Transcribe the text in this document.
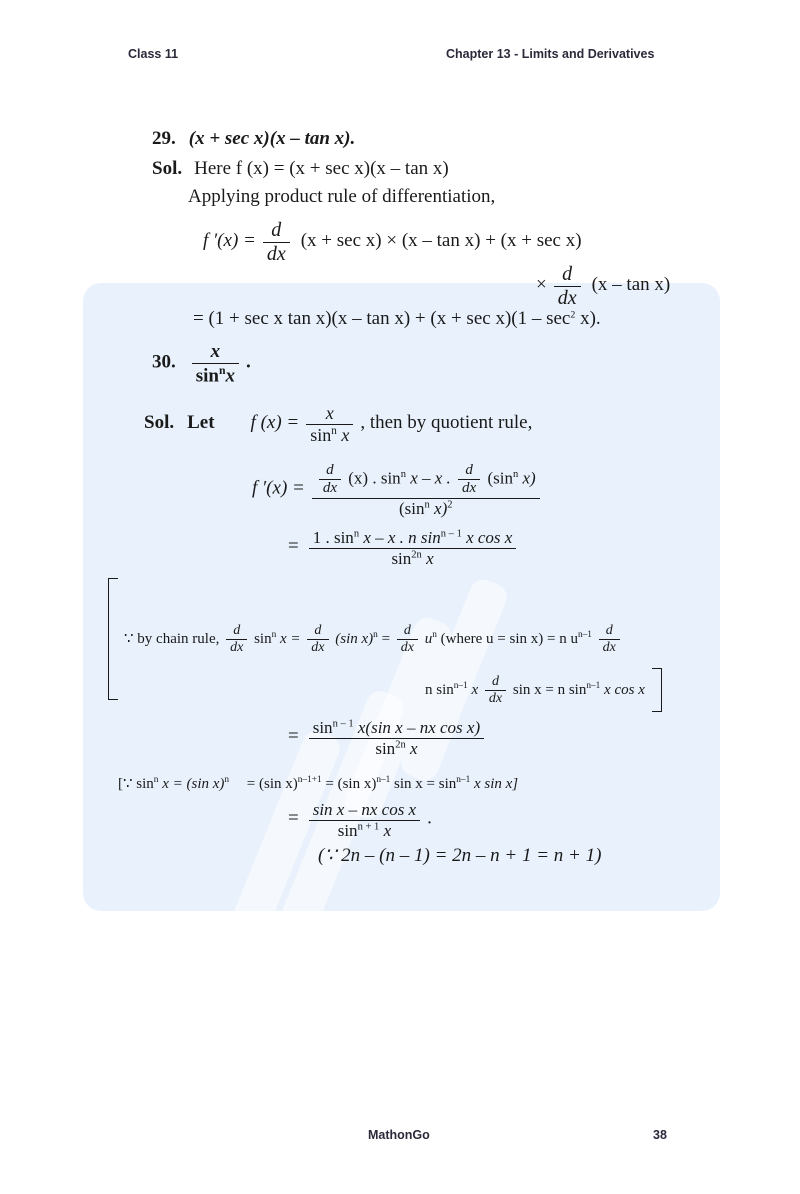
Class 11	Chapter 13 - Limits and Derivatives
29. (x + sec x)(x – tan x).
Sol. Here f (x) = (x + sec x)(x – tan x)
Applying product rule of differentiation,
f $'(x) = \frac{d}{dx} (x + \sec x) \times (x - \tan x) + (x + \sec x)$
× $\frac{d}{dx} (x$ – tan x)
= (1 + sec x $\tan x)(x - \tan x) + (x + \sec x)(1 - \sec^2 x)$.
30. $\frac{x}{\sin^nx}$ .
Sol. Let f $(x) = \frac{x}{\sin^n x}$ , then by quotient rule,
f $'(x) = \frac{d}{dx} (x)$ . $\sin^n x$ – x . $\frac{d}{dx} (\sin^n$ x)
($\sin^n$ x)$^2$
= $\frac{1 . \sin^n x - x . n \sin^{n - 1} x \cos x}{\sin^{2n} x}$
∵ by chain rule, $\frac{d}{dx} \sin^n x = \frac{d}{dx} (\sin$ $x)^n = \frac{d}{dx} u^n$ (where u = sin x) = n $u^{n-1} \frac{d}{dx}$
n $\sin^{n-1} x \frac{d}{dx}$ sin x = n $\sin^{n-1} x$ cos x
= $\frac{\sin^{n - 1} x(\sin x - nx \cos x)}{\sin^{2n} x}$
[∵ $\sin^n x = (\sin$ x)$^n$ = (sin x)$^{n-1+1}$ = (sin x)$^{n-1}$ $\sin x = \sin^{n-1} x$ sin x]
= $\frac{\text{sin x – nx cos x}}{\sin^{n + 1} x}$ .
(∵ 2n – (n – 1) = 2n – n + 1 = n + 1)
MathonGo	38
